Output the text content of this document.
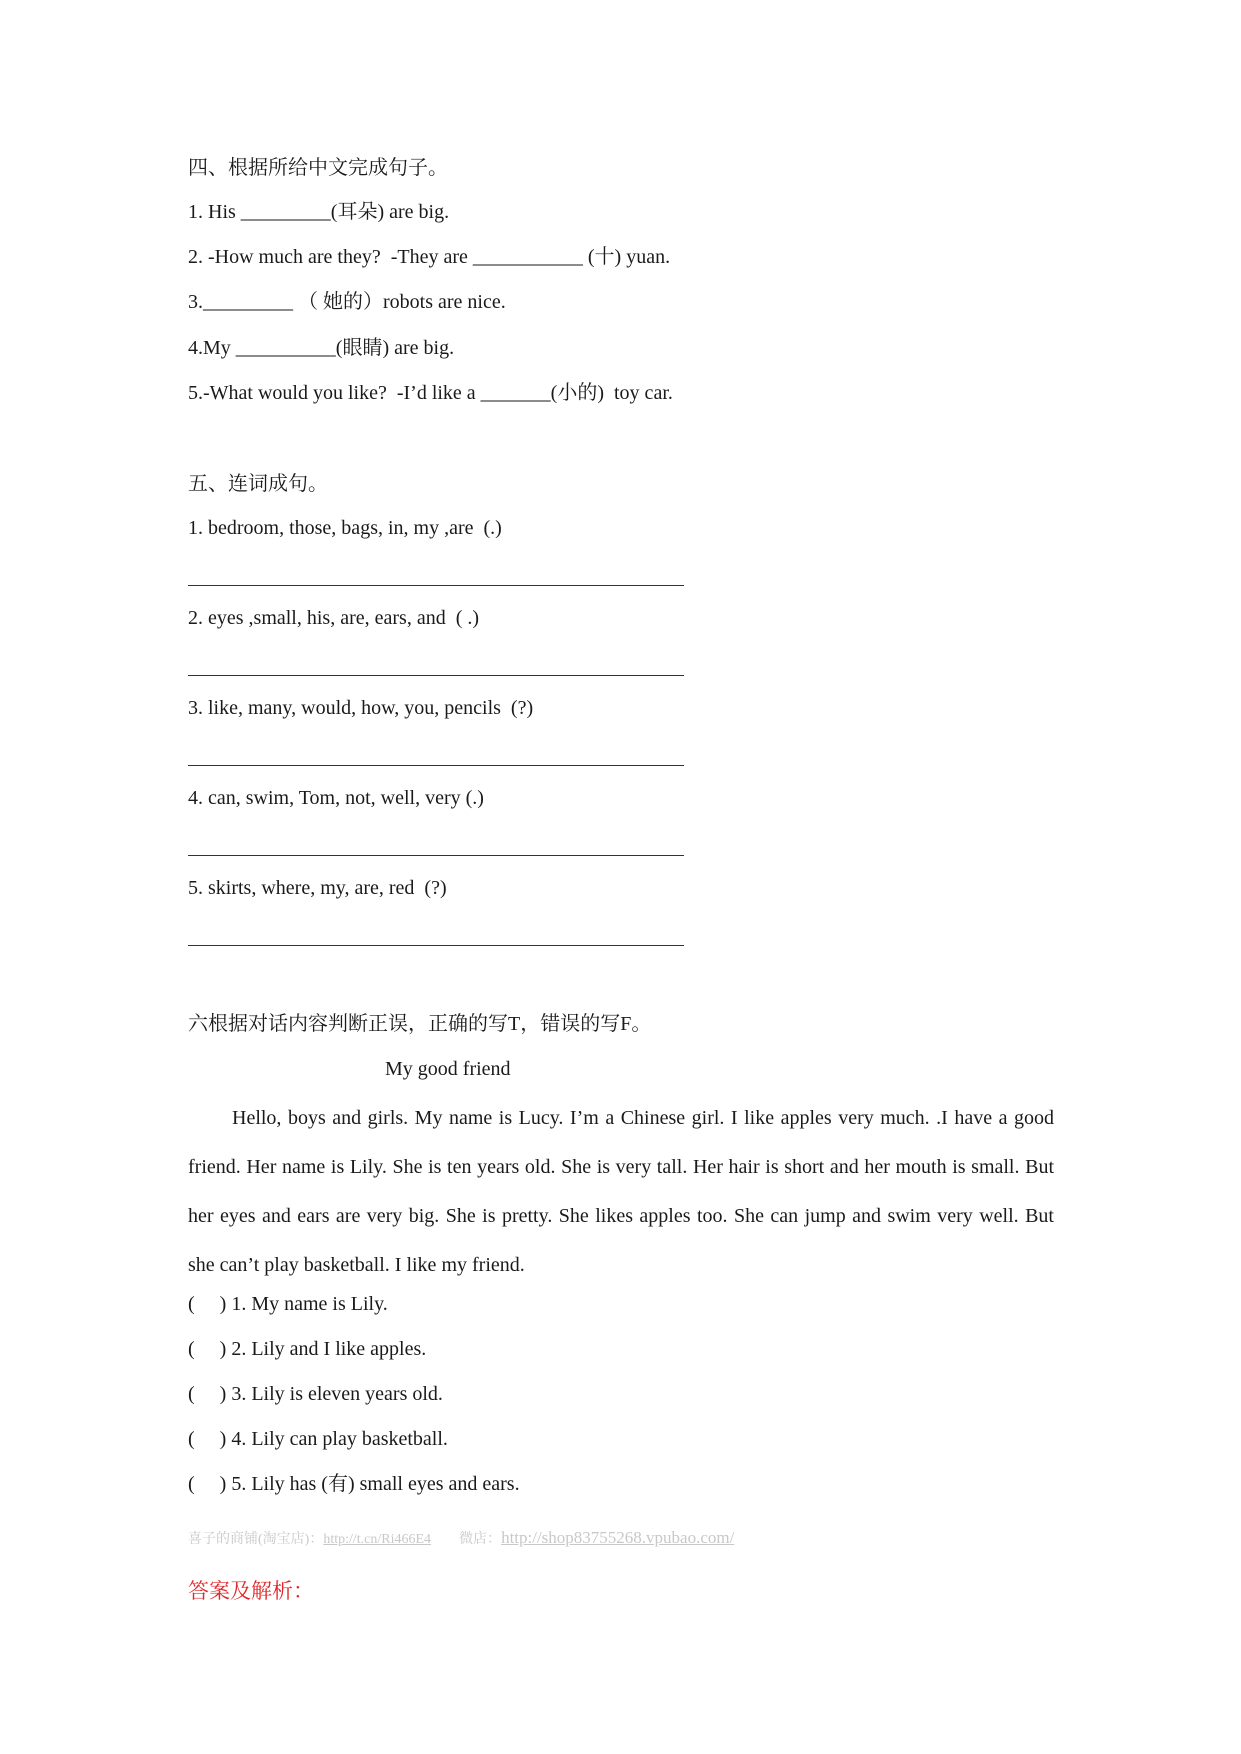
四、根据所给中文完成句子。
1. His _________(耳朵) are big.
2. -How much are they?  -They are ___________ (十) yuan.
3._________ （ 她的）robots are nice.
4.My __________(眼睛) are big.
5.-What would you like?  -I’d like a _______(小的)  toy car.
五、连词成句。
1. bedroom, those, bags, in, my ,are  (.)
2. eyes ,small, his, are, ears, and  ( .)
3. like, many, would, how, you, pencils  (?)
4. can, swim, Tom, not, well, very (.)
5. skirts, where, my, are, red  (?)
六根据对话内容判断正误，正确的写T，错误的写F。
My good friend
Hello, boys and girls. My name is Lucy. I’m a Chinese girl. I like apples very much. .I have a good friend. Her name is Lily. She is ten years old. She is very tall. Her hair is short and her mouth is small. But her eyes and ears are very big. She is pretty. She likes apples too. She can jump and swim very well. But she can’t play basketball. I like my friend.
(     ) 1. My name is Lily.
(     ) 2. Lily and I like apples.
(     ) 3. Lily is eleven years old.
(     ) 4. Lily can play basketball.
(     ) 5. Lily has (有) small eyes and ears.
喜子的商铺(淘宝店)：http://t.cn/Ri466E4 微店：http://shop83755268.vpubao.com/
答案及解析：
